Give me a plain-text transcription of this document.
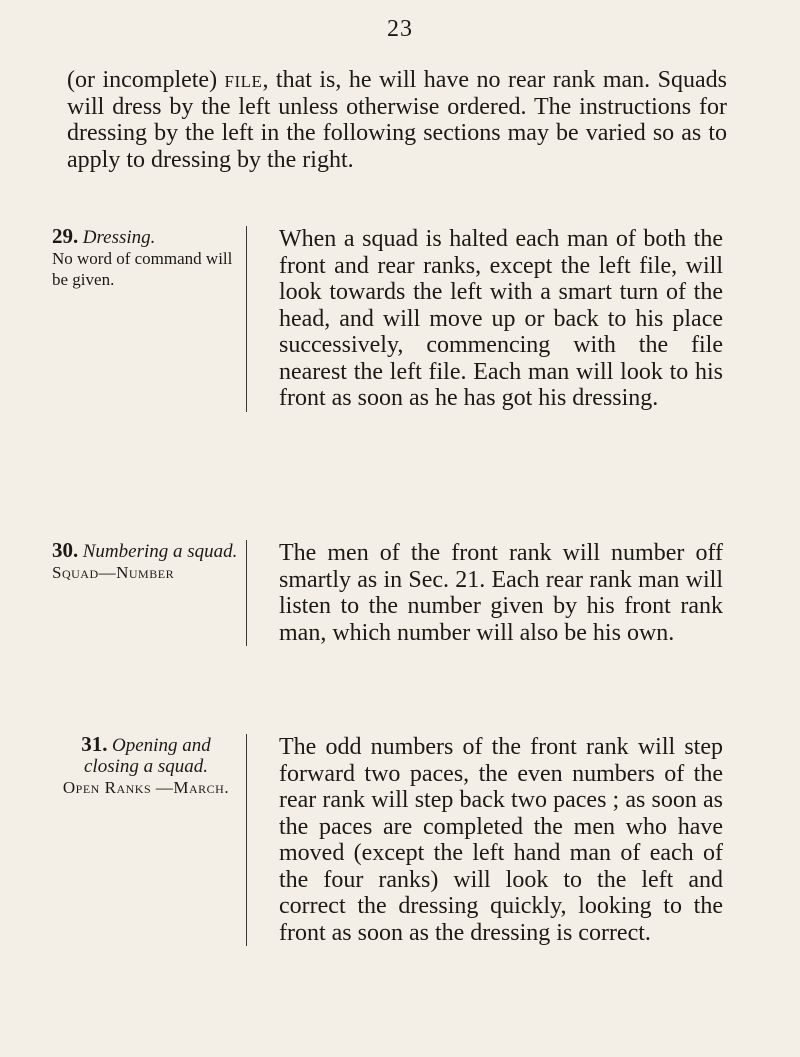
23
(or incomplete) file, that is, he will have no rear rank man. Squads will dress by the left unless otherwise ordered. The instructions for dressing by the left in the following sections may be varied so as to apply to dressing by the right.
29. Dressing.
No word of command will be given.
When a squad is halted each man of both the front and rear ranks, except the left file, will look towards the left with a smart turn of the head, and will move up or back to his place successively, commencing with the file nearest the left file. Each man will look to his front as soon as he has got his dressing.
30. Numbering a squad.
Squad—Number
The men of the front rank will number off smartly as in Sec. 21. Each rear rank man will listen to the number given by his front rank man, which number will also be his own.
31. Opening and closing a squad.
Open Ranks —March.
The odd numbers of the front rank will step forward two paces, the even numbers of the rear rank will step back two paces ; as soon as the paces are completed the men who have moved (except the left hand man of each of the four ranks) will look to the left and correct the dressing quickly, looking to the front as soon as the dressing is correct.
